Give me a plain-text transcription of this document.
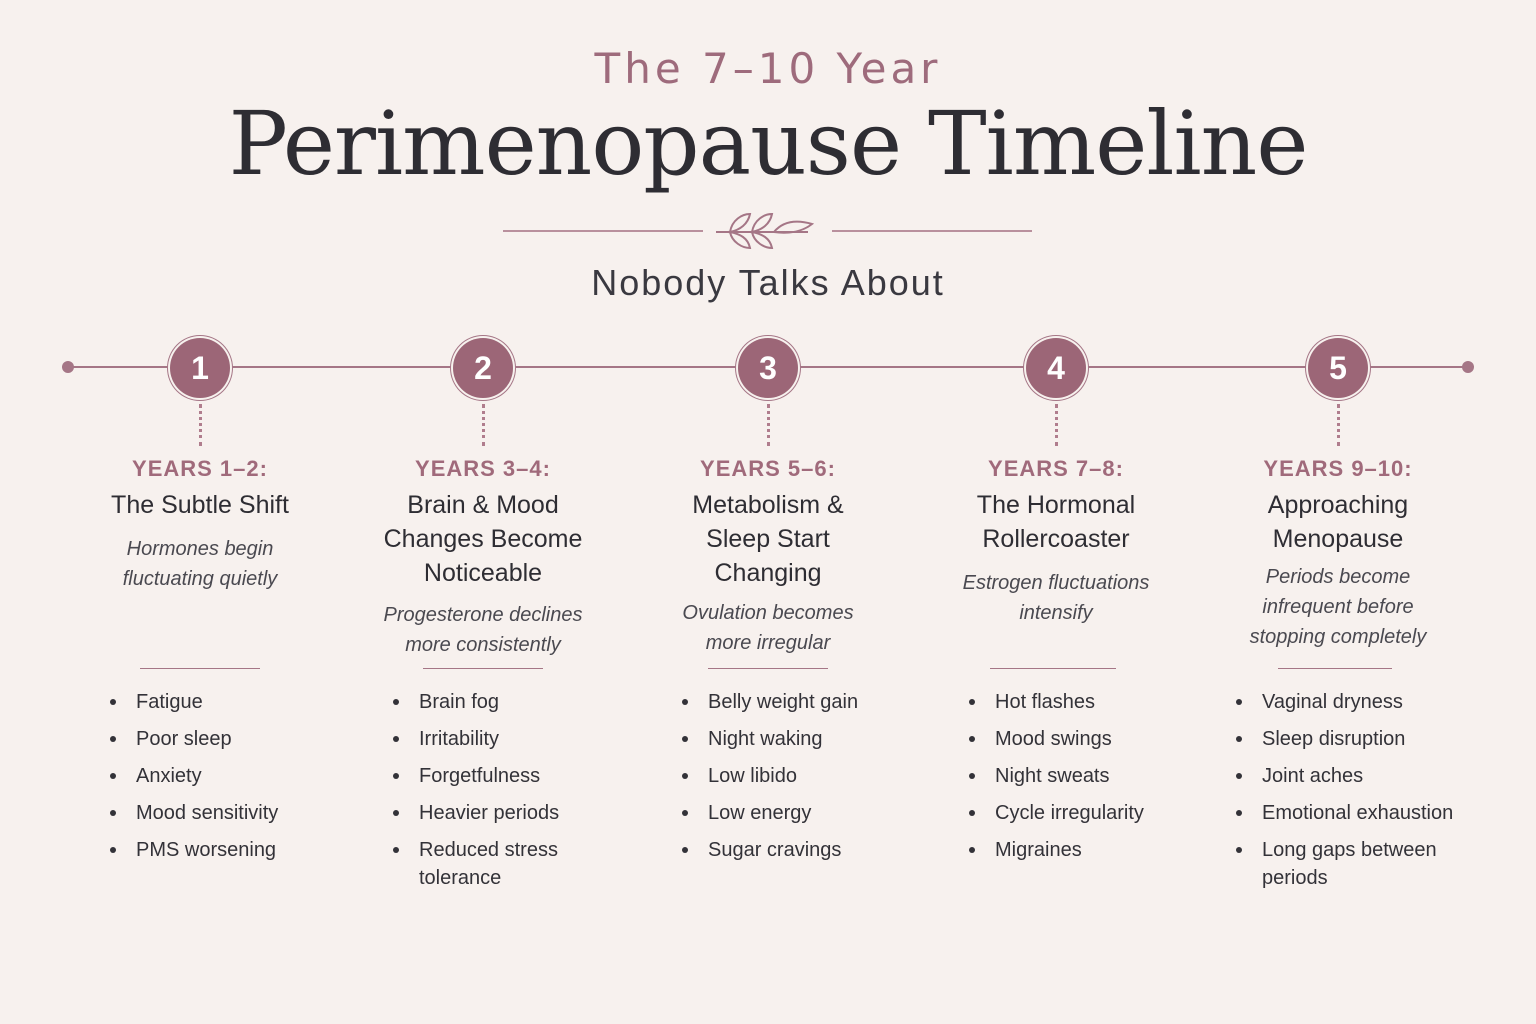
The 7–10 Year
Perimenopause Timeline
Nobody Talks About
1
YEARS 1–2:
The Subtle Shift
Hormones begin fluctuating quietly
Fatigue
Poor sleep
Anxiety
Mood sensitivity
PMS worsening
2
YEARS 3–4:
Brain & Mood Changes Become Noticeable
Progesterone declines more consistently
Brain fog
Irritability
Forgetfulness
Heavier periods
Reduced stress tolerance
3
YEARS 5–6:
Metabolism & Sleep Start Changing
Ovulation becomes more irregular
Belly weight gain
Night waking
Low libido
Low energy
Sugar cravings
4
YEARS 7–8:
The Hormonal Rollercoaster
Estrogen fluctuations intensify
Hot flashes
Mood swings
Night sweats
Cycle irregularity
Migraines
5
YEARS 9–10:
Approaching Menopause
Periods become infrequent before stopping completely
Vaginal dryness
Sleep disruption
Joint aches
Emotional exhaustion
Long gaps between periods
